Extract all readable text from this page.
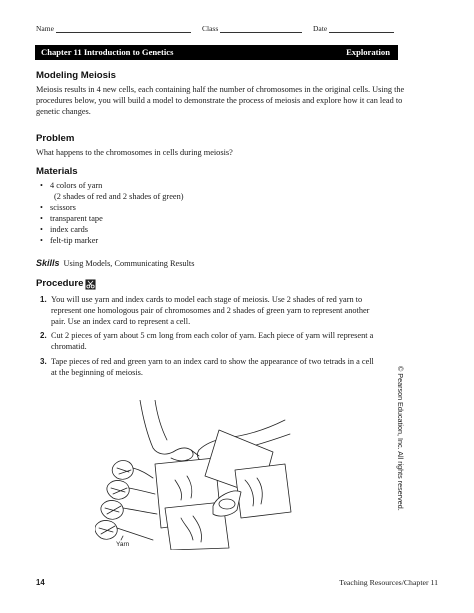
Name	Class	Date
Chapter 11 Introduction to Genetics	Exploration
Modeling Meiosis

Meiosis results in 4 new cells, each containing half the number of chromosomes in the original cells. Using the procedures below, you will build a model to demonstrate the process of meiosis and explore how it can lead to genetic changes.

Problem

What happens to the chromosomes in cells during meiosis?

Materials
• 4 colors of yarn
(2 shades of red and 2 shades of green)
• scissors
• transparent tape
• index cards
• felt-tip marker
Skills Using Models, Communicating Results
Procedure
1. You will use yarn and index cards to model each stage of meiosis. Use 2 shades of red yarn to represent one homologous pair of chromosomes and 2 shades of green yarn to represent another pair. Use an index card to represent a cell.
2. Cut 2 pieces of yarn about 5 cm long from each color of yarn. Each piece of yarn will represent a chromatid.
3. Tape pieces of red and green yarn to an index card to show the appearance of two tetrads in a cell at the beginning of meiosis.
Yarn
© Pearson Education, Inc. All rights reserved.
14	Teaching Resources/Chapter 11
